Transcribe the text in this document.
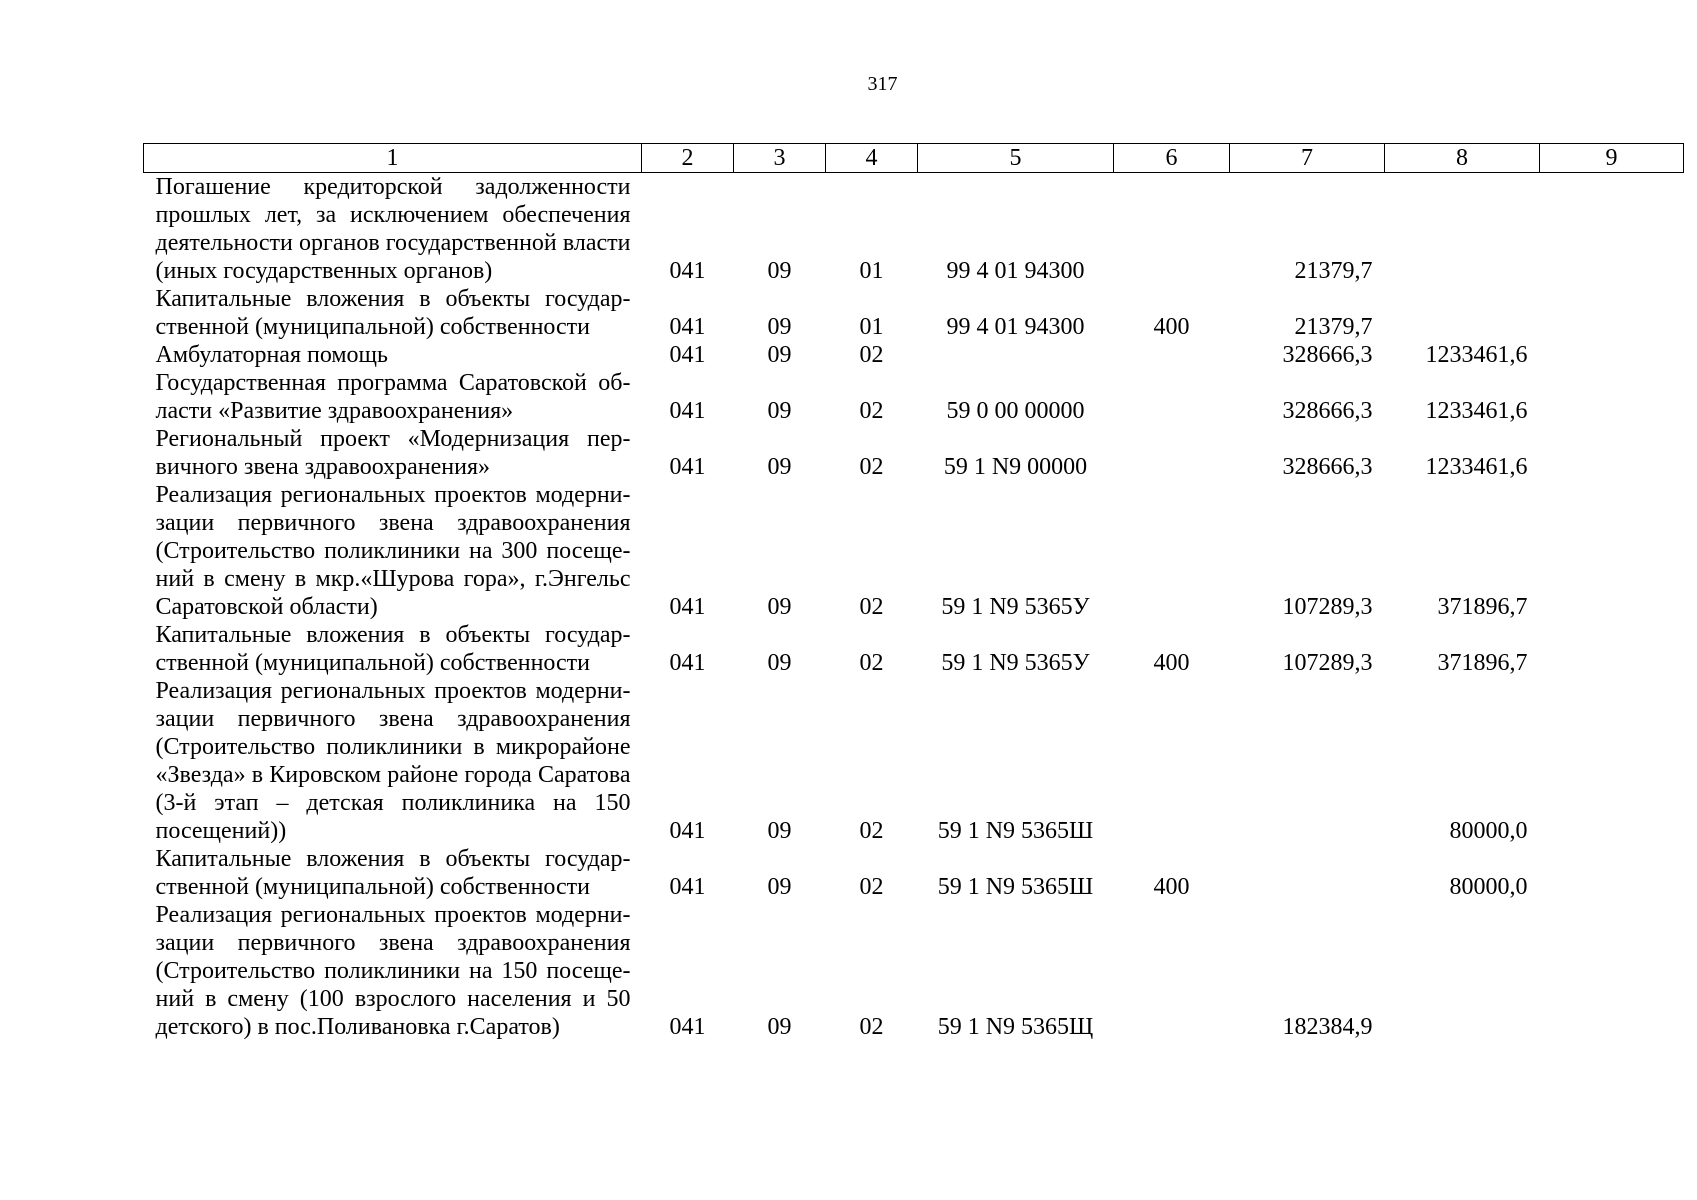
317
1	2	3	4	5	6	7	8	9
Погашение кредиторской задолженности прошлых лет, за исключением обеспечения деятельности органов государственной власти (иных государственных органов)	041	09	01	99 4 01 94300		21379,7		
Капитальные вложения в объекты государственной (муниципальной) собственности	041	09	01	99 4 01 94300	400	21379,7		
Амбулаторная помощь	041	09	02			328666,3	1233461,6	
Государственная программа Саратовской области «Развитие здравоохранения»	041	09	02	59 0 00 00000		328666,3	1233461,6	
Региональный проект «Модернизация первичного звена здравоохранения»	041	09	02	59 1 N9 00000		328666,3	1233461,6	
Реализация региональных проектов модернизации первичного звена здравоохранения (Строительство поликлиники на 300 посещений в смену в мкр.«Шурова гора», г.Энгельс Саратовской области)	041	09	02	59 1 N9 5365У		107289,3	371896,7	
Капитальные вложения в объекты государственной (муниципальной) собственности	041	09	02	59 1 N9 5365У	400	107289,3	371896,7	
Реализация региональных проектов модернизации первичного звена здравоохранения (Строительство поликлиники в микрорайоне «Звезда» в Кировском районе города Саратова (3-й этап – детская поликлиника на 150 посещений))	041	09	02	59 1 N9 5365Ш			80000,0	
Капитальные вложения в объекты государственной (муниципальной) собственности	041	09	02	59 1 N9 5365Ш	400		80000,0	
Реализация региональных проектов модернизации первичного звена здравоохранения (Строительство поликлиники на 150 посещений в смену (100 взрослого населения и 50 детского) в пос.Поливановка г.Саратов)	041	09	02	59 1 N9 5365Щ		182384,9		
